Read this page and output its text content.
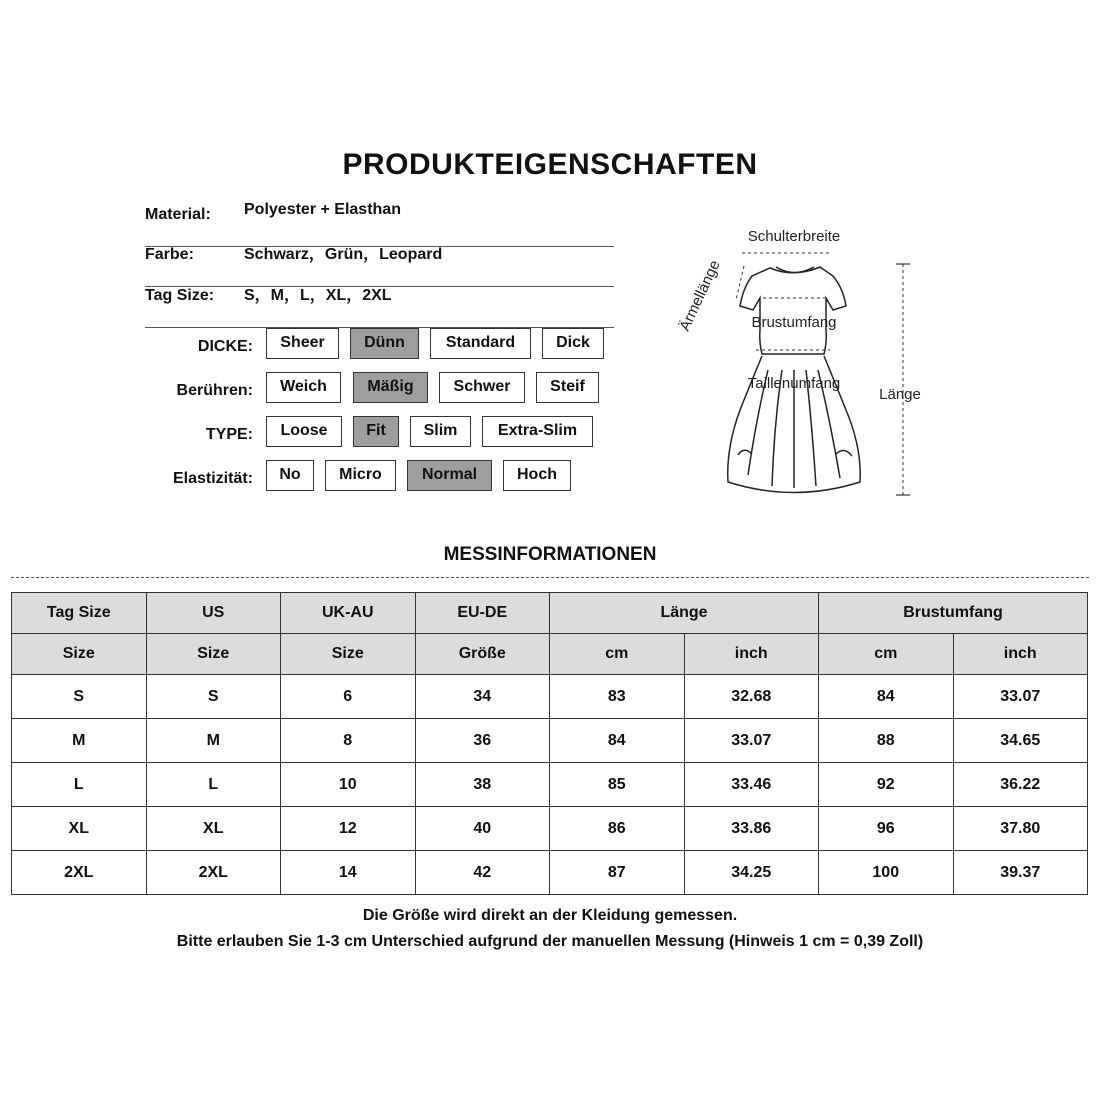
PRODUKTEIGENSCHAFTEN
Material: Polyester + Elasthan
Farbe:	Schwarz，Grün，Leopard
Tag Size: S，M，L，XL，2XL
DICKE:	Sheer	Dünn	Standard	Dick
Berühren:	Weich	Mäßig	Schwer	Steif
TYPE:	Loose	Fit	Slim	Extra-Slim
Elastizität:	No	Micro	Normal	Hoch
Schulterbreite
Brustumfang
Taillenumfang
Länge
Ärmellänge
MESSINFORMATIONEN
Tag Size	US	UK-AU	EU-DE	Länge		Brustumfang	
Size	Size	Size	Größe	cm	inch	cm	inch
S	S	6	34	83	32.68	84	33.07
M	M	8	36	84	33.07	88	34.65
L	L	10	38	85	33.46	92	36.22
XL	XL	12	40	86	33.86	96	37.80
2XL	2XL	14	42	87	34.25	100	39.37
Die Größe wird direkt an der Kleidung gemessen.
Bitte erlauben Sie 1-3 cm Unterschied aufgrund der manuellen Messung (Hinweis 1 cm = 0,39 Zoll)
